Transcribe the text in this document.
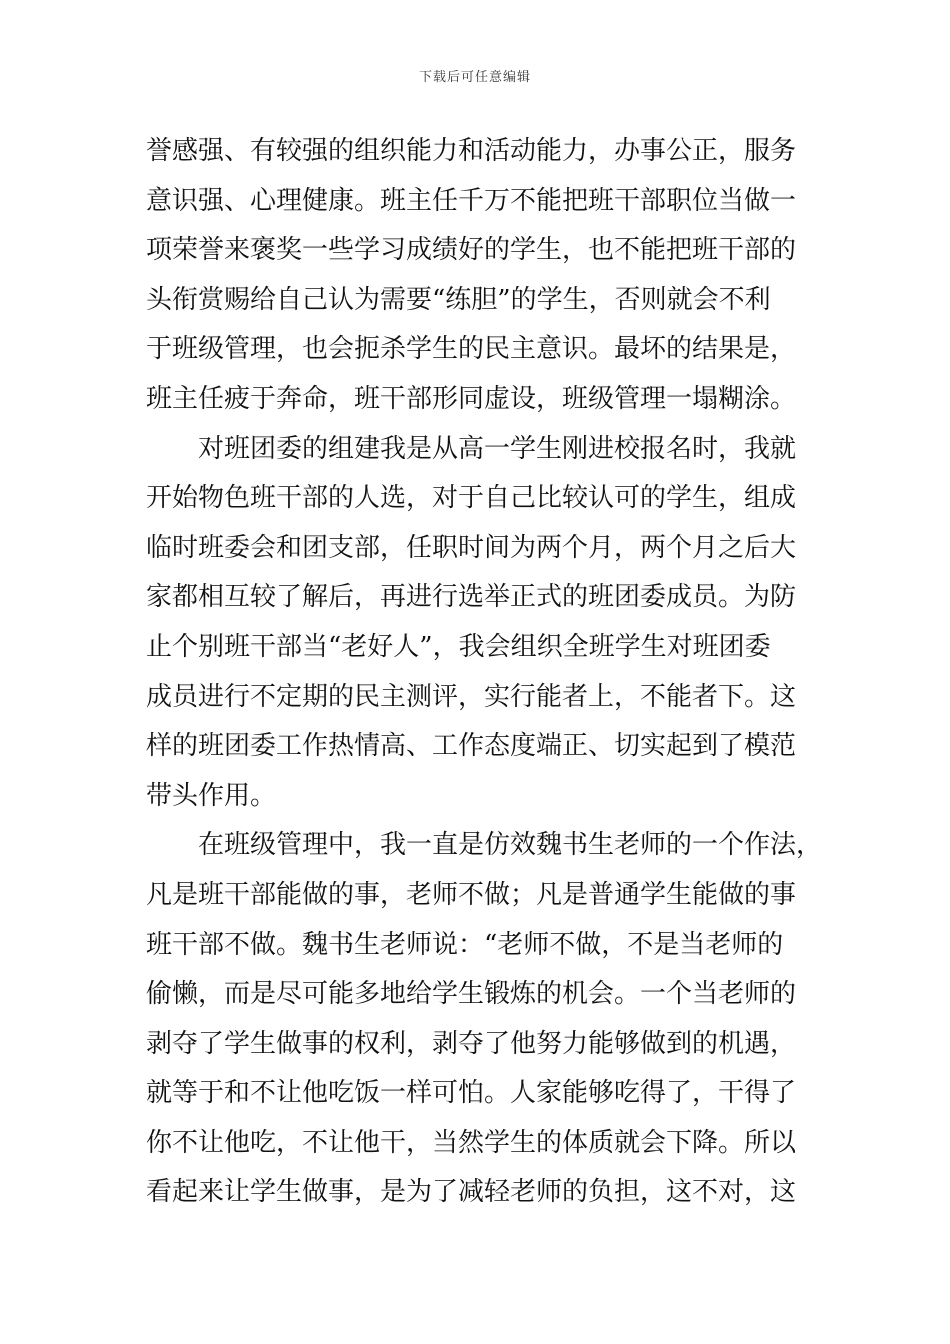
下载后可任意编辑
誉感强、有较强的组织能力和活动能力，办事公正，服务
意识强、心理健康。班主任千万不能把班干部职位当做一
项荣誉来褒奖一些学习成绩好的学生，也不能把班干部的
头衔赏赐给自己认为需要“练胆”的学生，否则就会不利
于班级管理，也会扼杀学生的民主意识。最坏的结果是，
班主任疲于奔命，班干部形同虚设，班级管理一塌糊涂。
　　对班团委的组建我是从高一学生刚进校报名时，我就
开始物色班干部的人选，对于自己比较认可的学生，组成
临时班委会和团支部，任职时间为两个月，两个月之后大
家都相互较了解后，再进行选举正式的班团委成员。为防
止个别班干部当“老好人”，我会组织全班学生对班团委
成员进行不定期的民主测评，实行能者上，不能者下。这
样的班团委工作热情高、工作态度端正、切实起到了模范
带头作用。
　　在班级管理中，我一直是仿效魏书生老师的一个作法，
凡是班干部能做的事，老师不做；凡是普通学生能做的事
班干部不做。魏书生老师说：“老师不做，不是当老师的
偷懒，而是尽可能多地给学生锻炼的机会。一个当老师的
剥夺了学生做事的权利，剥夺了他努力能够做到的机遇，
就等于和不让他吃饭一样可怕。人家能够吃得了，干得了
你不让他吃，不让他干，当然学生的体质就会下降。所以
看起来让学生做事，是为了减轻老师的负担，这不对，这
